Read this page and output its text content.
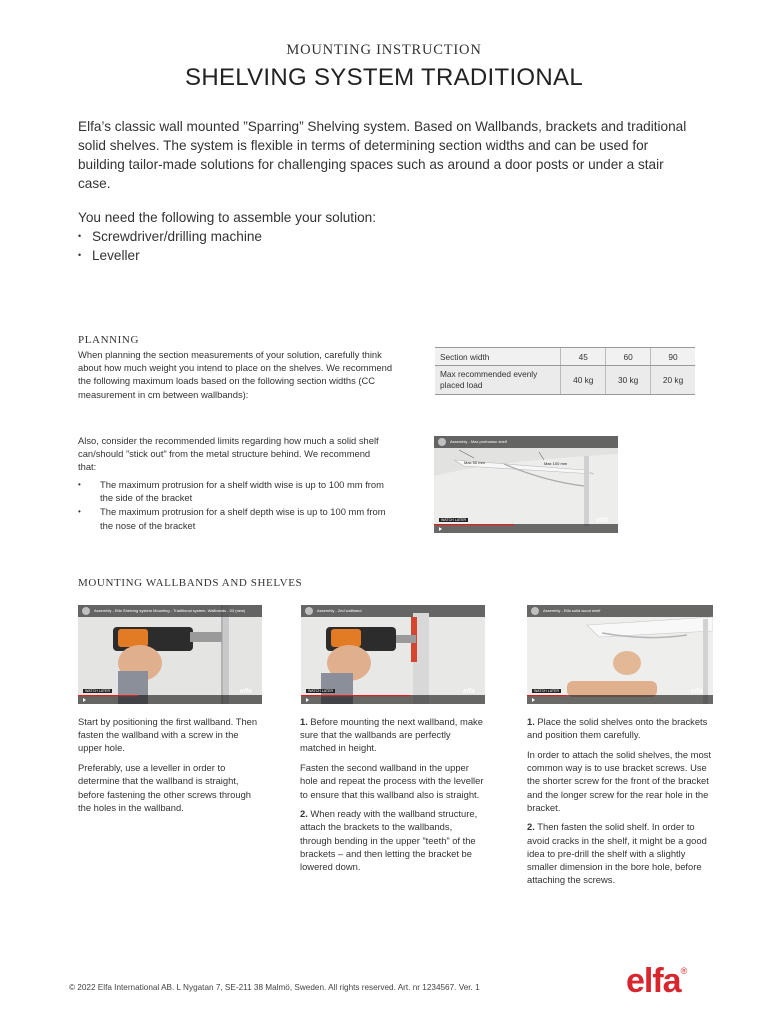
MOUNTING INSTRUCTION
SHELVING SYSTEM TRADITIONAL

Elfa’s classic wall mounted ”Sparring” Shelving system. Based on Wallbands, brackets and traditional solid shelves. The system is flexible in terms of determining section widths and can be used for building tailor-made solutions for challenging spaces such as around a door posts or under a stair case.

You need the following to assemble your solution:
• Screwdriver/drilling machine
• Leveller
PLANNING

When planning the section measurements of your solution, carefully think about how much weight you intend to place on the shelves. We recommend the following maximum loads based on the following section widths (CC measurement in cm between wallbands):

Section width	45	60	90
Max recommended evenly placed load	40 kg	30 kg	20 kg

Also, consider the recommended limits regarding how much a solid shelf can/should ”stick out” from the metal structure behind. We recommend that:

• The maximum protrusion for a shelf width wise is up to 100 mm from the side of the bracket
• The maximum protrusion for a shelf depth wise is up to 100 mm from the nose of the bracket
Assembly - Max protrusion shelf
Max 50 mm	Max 100 mm
WATCH LATER	elfa
MOUNTING WALLBANDS AND SHELVES
Assembly - Elfa Shelving system Mounting - Traditional system, Wallbands - 03 (new)
WATCH LATER	elfa
Assembly - 2nd wallband
WATCH LATER	elfa
Assembly - Elfa solid wood shelf
WATCH LATER	elfa

Start by positioning the first wallband. Then fasten the wallband with a screw in the upper hole.

Preferably, use a leveller in order to determine that the wallband is straight, before fastening the other screws through the holes in the wallband.

1. Before mounting the next wallband, make sure that the wallbands are perfectly matched in height.

Fasten the second wallband in the upper hole and repeat the process with the leveller to ensure that this wallband also is straight.

2. When ready with the wallband structure, attach the brackets to the wallbands, through bending in the upper ”teeth” of the brackets – and then letting the bracket be lowered down.

1. Place the solid shelves onto the brackets and position them carefully.

In order to attach the solid shelves, the most common way is to use bracket screws. Use the shorter screw for the front of the bracket and the longer screw for the rear hole in the bracket.

2. Then fasten the solid shelf. In order to avoid cracks in the shelf, it might be a good idea to pre-drill the shelf with a slightly smaller dimension in the bore hole, before attaching the screws.

© 2022 Elfa International AB. L Nygatan 7, SE-211 38 Malmö, Sweden. All rights reserved. Art. nr 1234567. Ver. 1	elfa®
